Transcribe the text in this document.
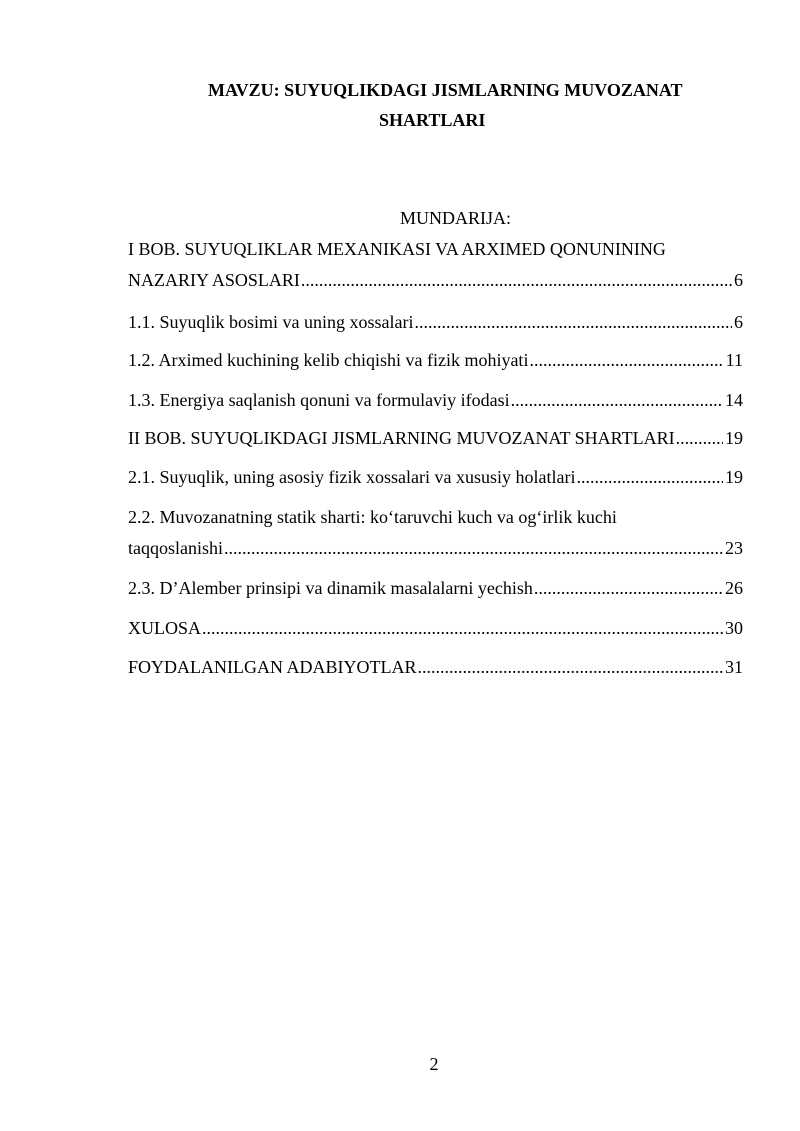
MAVZU: SUYUQLIKDAGI JISMLARNING MUVOZANAT
SHARTLARI
MUNDARIJA:
I BOB. SUYUQLIKLAR MEXANIKASI VA ARXIMED QONUNINING
NAZARIY ASOSLARI .....	6
1.1. Suyuqlik bosimi va uning xossalari .....	6
1.2. Arximed kuchining kelib chiqishi va fizik mohiyati .....	11
1.3. Energiya saqlanish qonuni va formulaviy ifodasi .....	14
II BOB. SUYUQLIKDAGI JISMLARNING MUVOZANAT SHARTLARI .....	19
2.1. Suyuqlik, uning asosiy fizik xossalari va xususiy holatlari .....	19
2.2. Muvozanatning statik sharti: ko‘taruvchi kuch va og‘irlik kuchi
taqqoslanishi .....	23
2.3. D’Alember prinsipi va dinamik masalalarni yechish .....	26
XULOSA .....	30
FOYDALANILGAN ADABIYOTLAR .....	31
2
